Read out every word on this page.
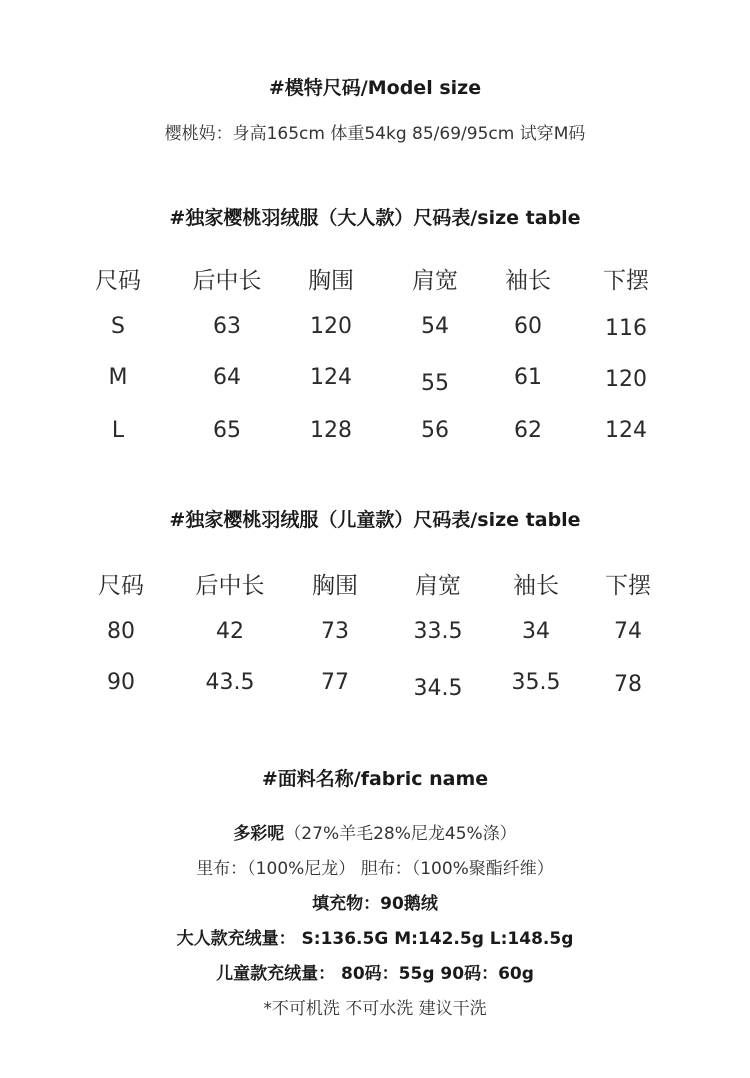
#模特尺码/Model size
樱桃妈：身高165cm 体重54kg 85/69/95cm 试穿M码
#独家樱桃羽绒服（大人款）尺码表/size table
尺码	后中长	胸围	肩宽	袖长	下摆
S	63	120	54	60	116
M	64	124	55	61	120
L	65	128	56	62	124
#独家樱桃羽绒服（儿童款）尺码表/size table
尺码	后中长	胸围	肩宽	袖长	下摆
80	42	73	33.5	34	74
90	43.5	77	34.5	35.5	78
#面料名称/fabric name
多彩呢（27%羊毛28%尼龙45%涤）
里布：（100%尼龙） 胆布：（100%聚酯纤维）
填充物：90鹅绒
大人款充绒量： S:136.5G M:142.5g L:148.5g
儿童款充绒量： 80码：55g 90码：60g
*不可机洗 不可水洗 建议干洗
